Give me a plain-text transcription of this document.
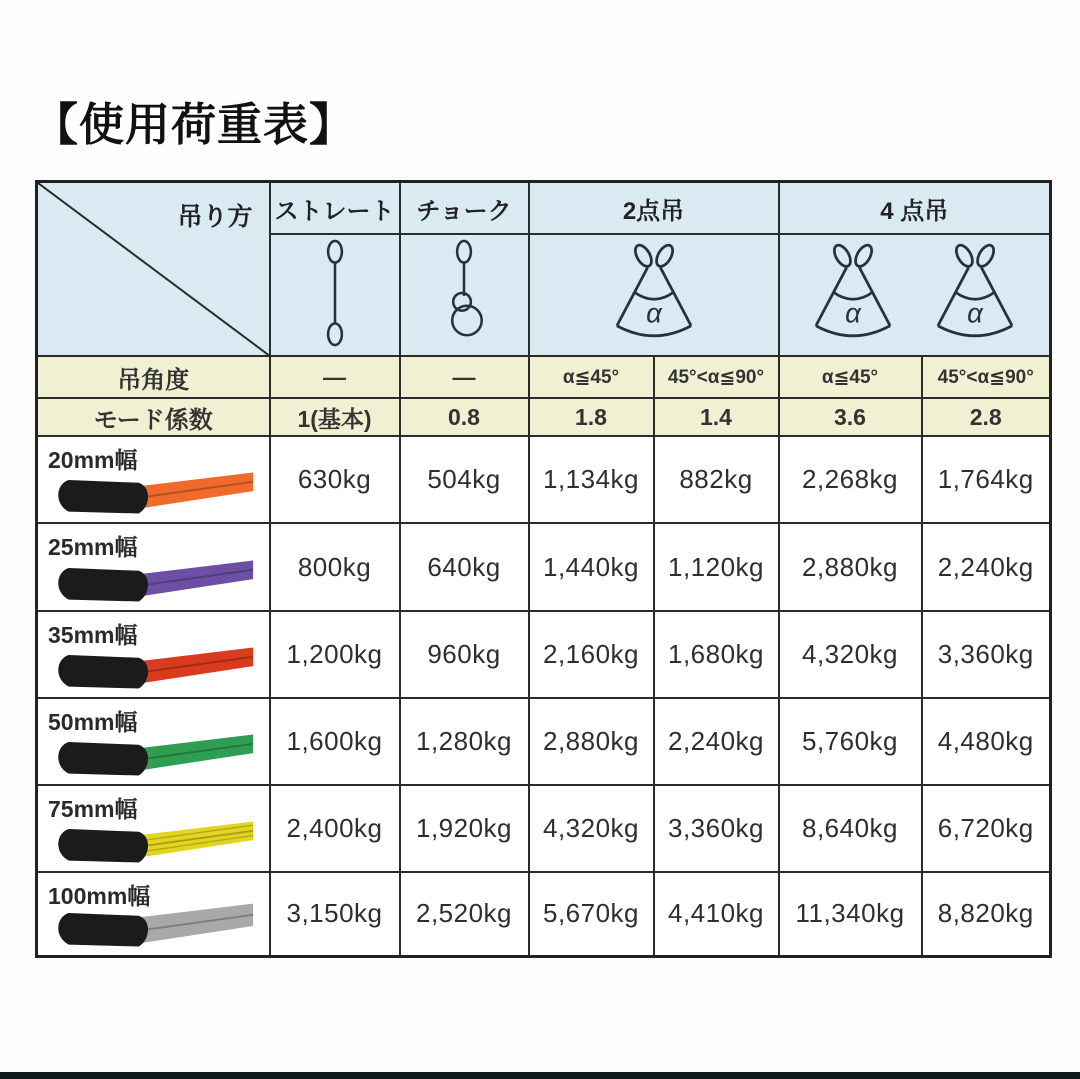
【使用荷重表】
吊り方	ストレート	チョーク	2点吊		4 点吊	

α		α α	

吊角度	—	—	α≦45°	45°<α≦90°	α≦45°	45°<α≦90°
モード係数	1(基本)	0.8	1.8	1.4	3.6	2.8

20mm幅	630kg	504kg	1,134kg	882kg	2,268kg	1,764kg

25mm幅	800kg	640kg	1,440kg	1,120kg	2,880kg	2,240kg

35mm幅	1,200kg	960kg	2,160kg	1,680kg	4,320kg	3,360kg

50mm幅	1,600kg	1,280kg	2,880kg	2,240kg	5,760kg	4,480kg

75mm幅	2,400kg	1,920kg	4,320kg	3,360kg	8,640kg	6,720kg

100mm幅	3,150kg	2,520kg	5,670kg	4,410kg	11,340kg	8,820kg
